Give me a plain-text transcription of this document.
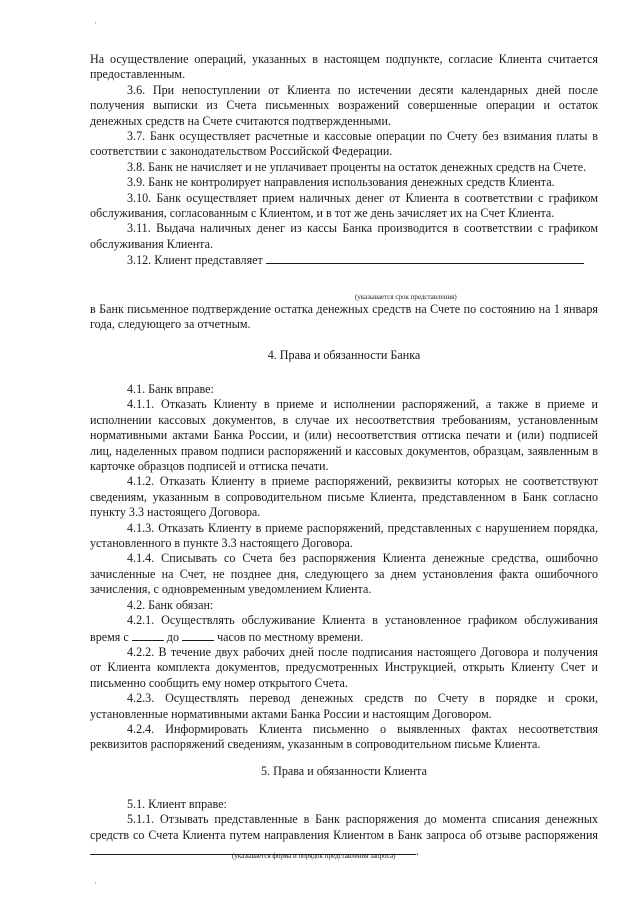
На осуществление операций, указанных в настоящем подпункте, согласие Клиента считается предоставленным.

3.6. При непоступлении от Клиента по истечении десяти календарных дней после получения выписки из Счета письменных возражений совершенные операции и остаток денежных средств на Счете считаются подтвержденными.

3.7. Банк осуществляет расчетные и кассовые операции по Счету без взимания платы в соответствии с законодательством Российской Федерации.

3.8. Банк не начисляет и не уплачивает проценты на остаток денежных средств на Счете.

3.9. Банк не контролирует направления использования денежных средств Клиента.

3.10. Банк осуществляет прием наличных денег от Клиента в соответствии с графиком обслуживания, согласованным с Клиентом, и в тот же день зачисляет их на Счет Клиента.

3.11. Выдача наличных денег из кассы Банка производится в соответствии с графиком обслуживания Клиента.

3.12. Клиент представляет

(указывается срок представления)

в Банк письменное подтверждение остатка денежных средств на Счете по состоянию на 1 января года, следующего за отчетным.

4. Права и обязанности Банка

4.1. Банк вправе:

4.1.1. Отказать Клиенту в приеме и исполнении распоряжений, а также в приеме и исполнении кассовых документов, в случае их несоответствия требованиям, установленным нормативными актами Банка России, и (или) несоответствия оттиска печати и (или) подписей лиц, наделенных правом подписи распоряжений и кассовых документов, образцам, заявленным в карточке образцов подписей и оттиска печати.

4.1.2. Отказать Клиенту в приеме распоряжений, реквизиты которых не соответствуют сведениям, указанным в сопроводительном письме Клиента, представленном в Банк согласно пункту 3.3 настоящего Договора.

4.1.3. Отказать Клиенту в приеме распоряжений, представленных с нарушением порядка, установленного в пункте 3.3 настоящего Договора.

4.1.4. Списывать со Счета без распоряжения Клиента денежные средства, ошибочно зачисленные на Счет, не позднее дня, следующего за днем установления факта ошибочного зачисления, с одновременным уведомлением Клиента.

4.2. Банк обязан:

4.2.1. Осуществлять обслуживание Клиента в установленное графиком обслуживания время с	до	часов по местному времени.

4.2.2. В течение двух рабочих дней после подписания настоящего Договора и получения от Клиента комплекта документов, предусмотренных Инструкцией, открыть Клиенту Счет и письменно сообщить ему номер открытого Счета.

4.2.3. Осуществлять перевод денежных средств по Счету в порядке и сроки, установленные нормативными актами Банка России и настоящим Договором.

4.2.4. Информировать Клиента письменно о выявленных фактах несоответствия реквизитов распоряжений сведениям, указанным в сопроводительном письме Клиента.

5. Права и обязанности Клиента

5.1. Клиент вправе:

5.1.1. Отзывать представленные в Банк распоряжения до момента списания денежных средств со Счета Клиента путем направления Клиентом в Банк запроса об отзыве распоряжения .

(указывается форма и порядок представления запроса)
·
·
